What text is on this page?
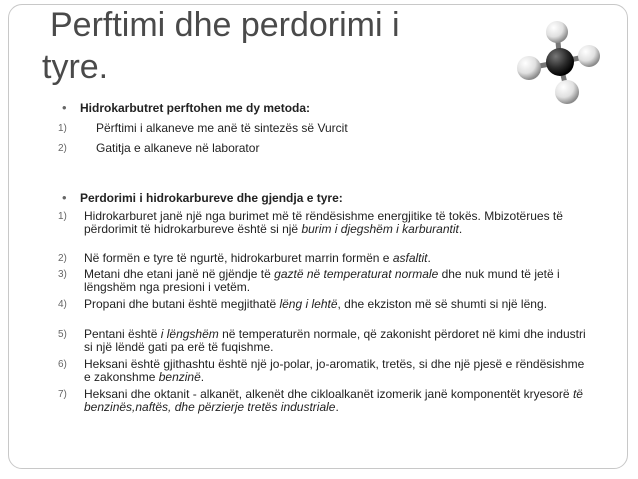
Perftimi dhe perdorimi i
tyre.
• Hidrokarbutret perftohen me dy metoda:
1) Përftimi i alkaneve me anë të sintezës së Vurcit
2) Gatitja e alkaneve në laborator
• Perdorimi i hidrokarbureve dhe gjendja e tyre:
1) Hidrokarburet janë një nga burimet më të rëndësishme energjitike të tokës. Mbizotërues të përdorimit të hidrokarbureve është si një burim i djegshëm i karburantit.
2) Në formën e tyre të ngurtë, hidrokarburet marrin formën e asfaltit.
3) Metani dhe etani janë në gjëndje të gaztë në temperaturat normale dhe nuk mund të jetë i lëngshëm nga presioni i vetëm.
4) Propani dhe butani është megjithatë lëng i lehtë, dhe ekziston më së shumti si një lëng.
5) Pentani është i lëngshëm në temperaturën normale, që zakonisht përdoret në kimi dhe industri si një lëndë gati pa erë të fuqishme.
6) Heksani është gjithashtu është një jo-polar, jo-aromatik, tretës, si dhe një pjesë e rëndësishme e zakonshme benzinë.
7) Heksani dhe oktanit - alkanët, alkenët dhe cikloalkanët izomerik janë komponentët kryesorë të benzinës,naftës, dhe përzierje tretës industriale.
